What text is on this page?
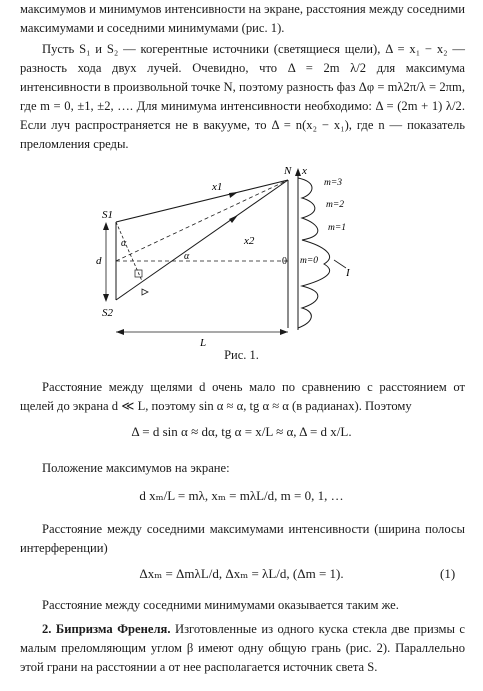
максимумов и минимумов интенсивности на экране, расстояния между соседними максимумами и соседними минимумами (рис. 1).

Пусть S₁ и S₂ — когерентные источники (светящиеся щели), Δ = x₁ − x₂ — разность хода двух лучей. Очевидно, что Δ = 2m λ/2 для максимума интенсивности в произвольной точке N, поэтому разность фаз Δφ = mλ2π/λ = 2πm, где m = 0, ±1, ±2, …. Для минимума интенсивности необходимо: Δ = (2m + 1) λ/2. Если луч распространяется не в вакууме, то Δ = n(x₂ − x₁), где n — показатель преломления среды.

x
I
m=3
m=2
m=1
m=0
d
S1
S2
x1
x2
N
0
α
α
L
Рис. 1.

Расстояние между щелями d очень мало по сравнению с расстоянием от щелей до экрана d ≪ L, поэтому sin α ≈ α, tg α ≈ α (в радианах). Поэтому

Δ = d sin α ≈ dα, tg α = x/L ≈ α, Δ = d x/L.

Положение максимумов на экране:

d xₘ/L = mλ, xₘ = mλL/d, m = 0, 1, …

Расстояние между соседними максимумами интенсивности (ширина полосы интерференции)

Δxₘ = ΔmλL/d, Δxₘ = λL/d, (Δm = 1).	(1)

Расстояние между соседними минимумами оказывается таким же.

2. Бипризма Френеля. Изготовленные из одного куска стекла две призмы с малым преломляющим углом β имеют одну общую грань (рис. 2). Параллельно этой грани на расстоянии a от нее располагается источник света S.
